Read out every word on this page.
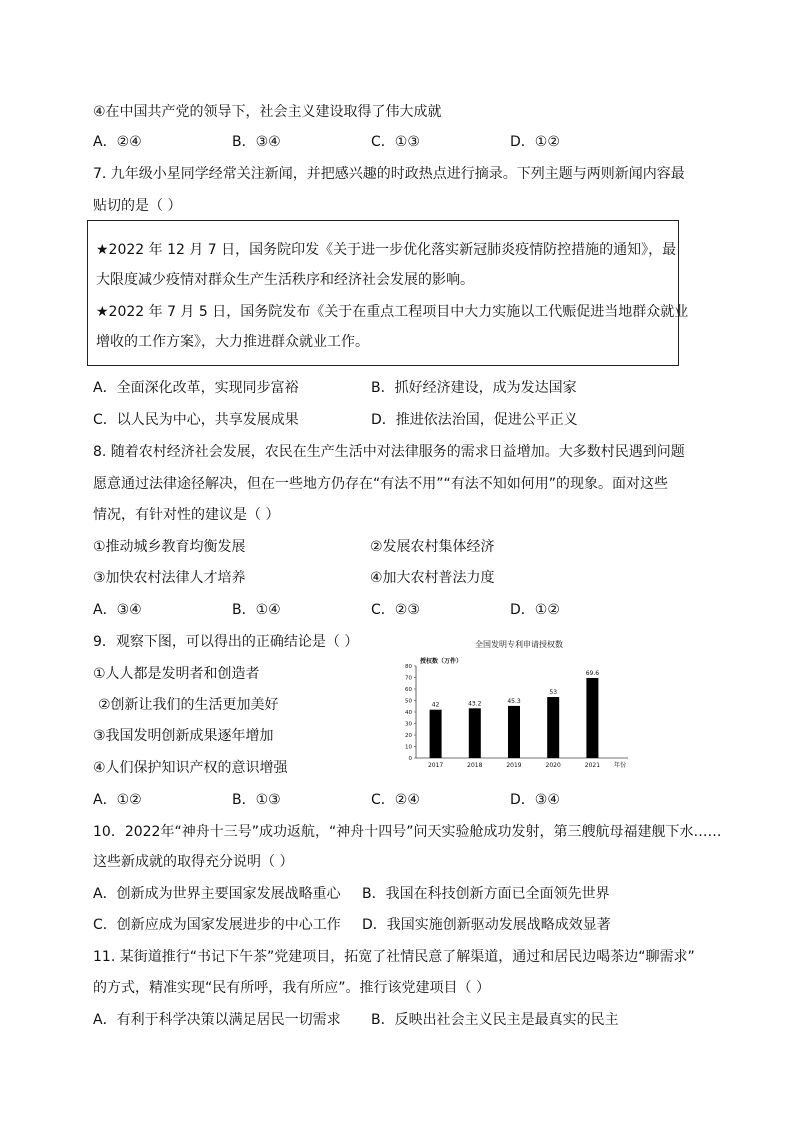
④在中国共产党的领导下，社会主义建设取得了伟大成就
A．②④	B．③④	C．①③	D．①②
7. 九年级小星同学经常关注新闻，并把感兴趣的时政热点进行摘录。下列主题与两则新闻内容最
贴切的是（ ）
★2022 年 12 月 7 日，国务院印发《关于进一步优化落实新冠肺炎疫情防控措施的通知》，最
大限度减少疫情对群众生产生活秩序和经济社会发展的影响。
★2022 年 7 月 5 日，国务院发布《关于在重点工程项目中大力实施以工代赈促进当地群众就业
增收的工作方案》，大力推进群众就业工作。
A．全面深化改革，实现同步富裕	B．抓好经济建设，成为发达国家
C．以人民为中心，共享发展成果	D．推进依法治国，促进公平正义
8. 随着农村经济社会发展，农民在生产生活中对法律服务的需求日益增加。大多数村民遇到问题
愿意通过法律途径解决，但在一些地方仍存在“有法不用”“有法不知如何用”的现象。面对这些
情况，有针对性的建议是（ ）
①推动城乡教育均衡发展	②发展农村集体经济
③加快农村法律人才培养	④加大农村普法力度
A．③④	B．①④	C．②③	D．①②
9．观察下图，可以得出的正确结论是（ ）
①人人都是发明者和创造者
②创新让我们的生活更加美好
③我国发明创新成果逐年增加
④人们保护知识产权的意识增强
全国发明专利申请授权数
授权数（万件）
年份
0
10
20
30
40
50
60
70
80
42
2017
43.2
2018
45.3
2019
53
2020
69.6
2021
A．①②	B．①③	C．②④	D．③④
10．2022年“神舟十三号”成功返航，“神舟十四号”问天实验舱成功发射，第三艘航母福建舰下水……
这些新成就的取得充分说明（ ）
A．创新成为世界主要国家发展战略重心 B．我国在科技创新方面已全面领先世界
C．创新应成为国家发展进步的中心工作 D．我国实施创新驱动发展战略成效显著
11. 某街道推行“书记下午茶”党建项目，拓宽了社情民意了解渠道，通过和居民边喝茶边“聊需求”
的方式，精准实现“民有所呼，我有所应”。推行该党建项目（ ）
A．有利于科学决策以满足居民一切需求 B．反映出社会主义民主是最真实的民主
